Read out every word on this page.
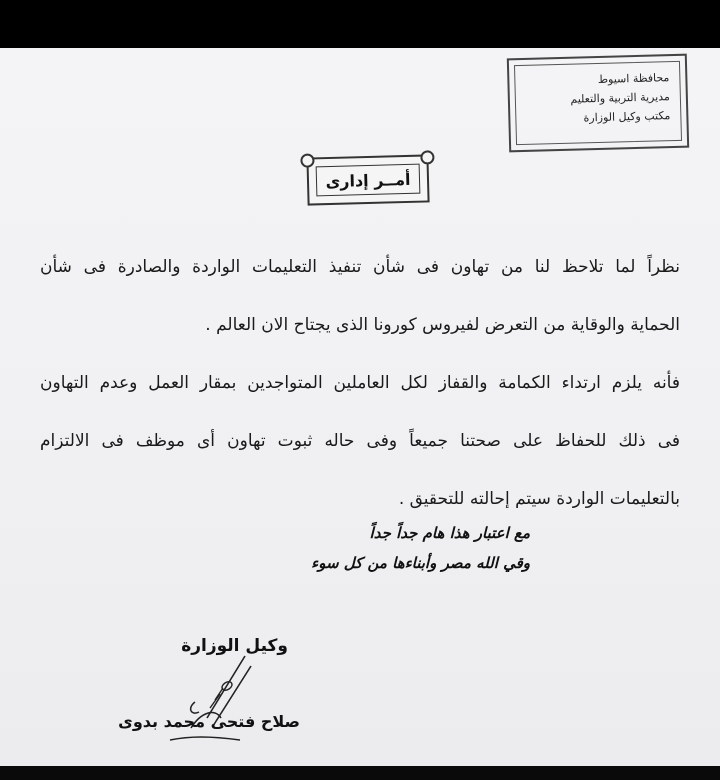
محافظة اسيوط
مديرية التربية والتعليم
مكتب وكيل الوزارة
أمــر إدارى
نظراً لما تلاحظ لنا من تهاون فى شأن تنفيذ التعليمات الواردة والصادرة فى شأن
الحماية والوقاية من التعرض لفيروس كورونا الذى يجتاح الان العالم .
فأنه يلزم ارتداء الكمامة والقفاز لكل العاملين المتواجدين بمقار العمل وعدم التهاون
فى ذلك للحفاظ على صحتنا جميعاً وفى حاله ثبوت تهاون أى موظف فى الالتزام
بالتعليمات الواردة سيتم إحالته للتحقيق .
مع اعتبار هذا هام جداً جداً
وقي الله مصر وأبناءها من كل سوء
وكيل الوزارة
صلاح فتحى محمد بدوى
